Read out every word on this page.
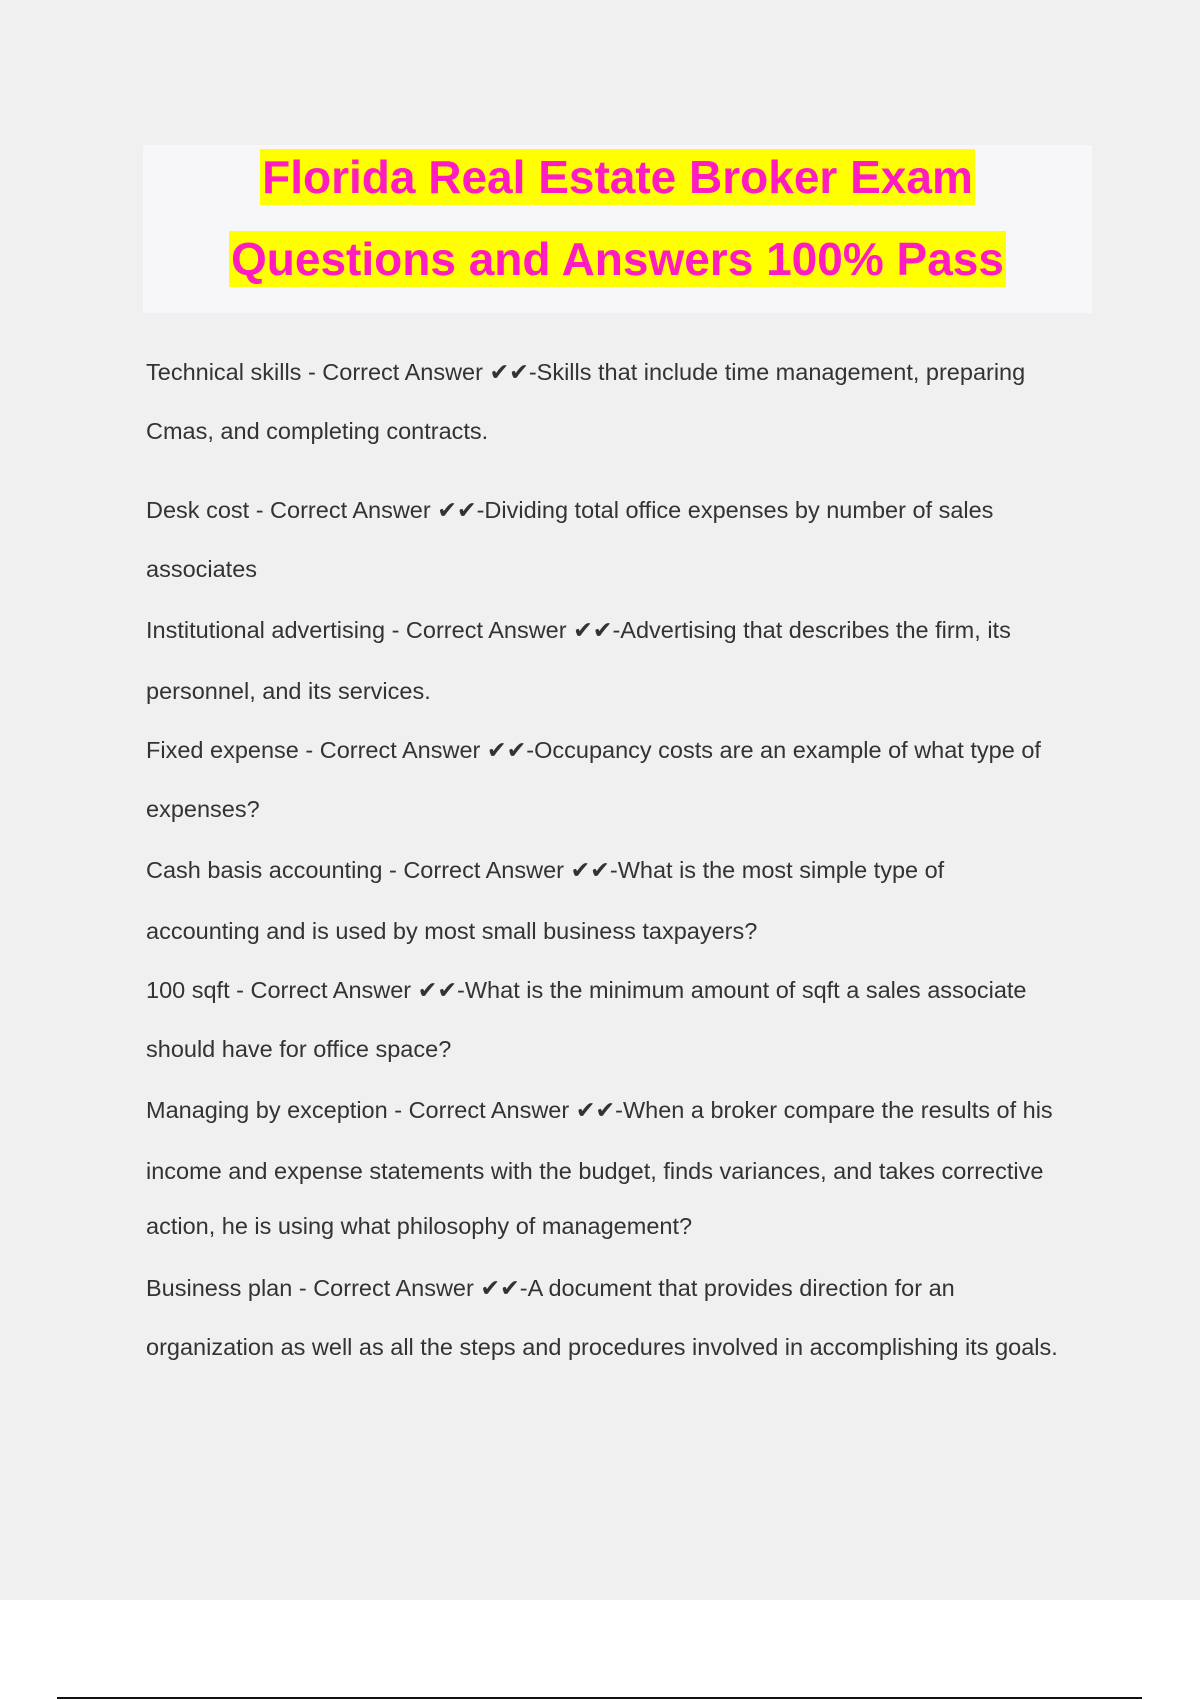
Florida Real Estate Broker Exam
Questions and Answers 100% Pass
Technical skills - Correct Answer ✔✔-Skills that include time management, preparing
Cmas, and completing contracts.
Desk cost - Correct Answer ✔✔-Dividing total office expenses by number of sales
associates
Institutional advertising - Correct Answer ✔✔-Advertising that describes the firm, its
personnel, and its services.
Fixed expense - Correct Answer ✔✔-Occupancy costs are an example of what type of
expenses?
Cash basis accounting - Correct Answer ✔✔-What is the most simple type of
accounting and is used by most small business taxpayers?
100 sqft - Correct Answer ✔✔-What is the minimum amount of sqft a sales associate
should have for office space?
Managing by exception - Correct Answer ✔✔-When a broker compare the results of his
income and expense statements with the budget, finds variances, and takes corrective
action, he is using what philosophy of management?
Business plan - Correct Answer ✔✔-A document that provides direction for an
organization as well as all the steps and procedures involved in accomplishing its goals.
